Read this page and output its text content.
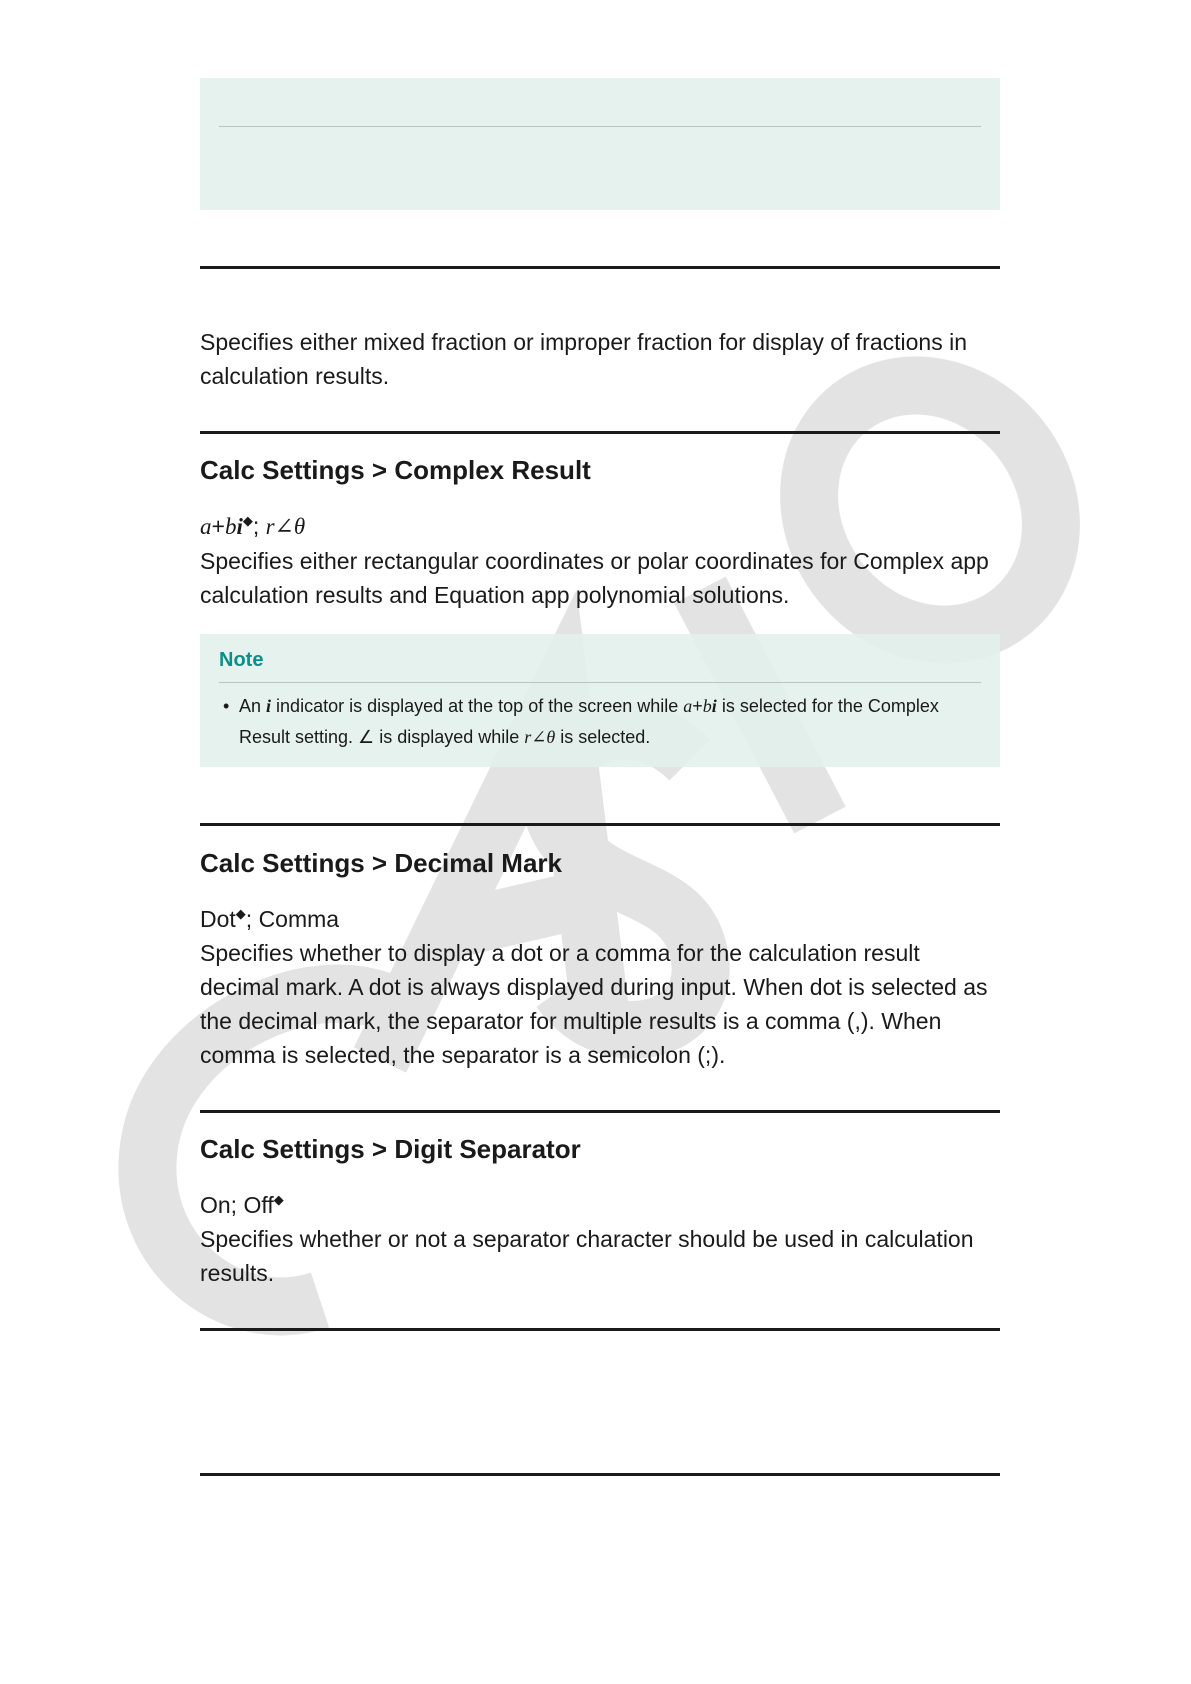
Specifies either mixed fraction or improper fraction for display of fractions in calculation results.
Calc Settings > Complex Result
a+bi◆; r∠θ
Specifies either rectangular coordinates or polar coordinates for Complex app calculation results and Equation app polynomial solutions.
Note
• An i indicator is displayed at the top of the screen while a+bi is selected for the Complex Result setting. ∠ is displayed while r∠θ is selected.
Calc Settings > Decimal Mark
Dot◆; Comma
Specifies whether to display a dot or a comma for the calculation result decimal mark. A dot is always displayed during input. When dot is selected as the decimal mark, the separator for multiple results is a comma (,). When comma is selected, the separator is a semicolon (;).
Calc Settings > Digit Separator
On; Off◆
Specifies whether or not a separator character should be used in calculation results.
